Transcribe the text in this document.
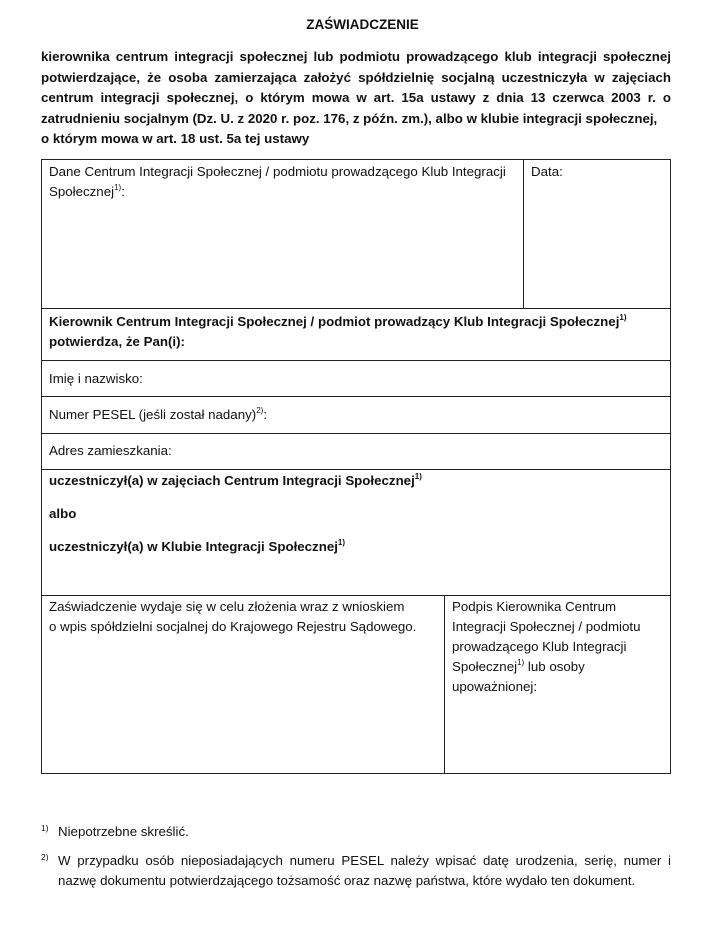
ZAŚWIADCZENIE
kierownika centrum integracji społecznej lub podmiotu prowadzącego klub integracji społecznej potwierdzające, że osoba zamierzająca założyć spółdzielnię socjalną uczestniczyła w zajęciach centrum integracji społecznej, o którym mowa w art. 15a ustawy z dnia 13 czerwca 2003 r. o zatrudnieniu socjalnym (Dz. U. z 2020 r. poz. 176, z późn. zm.), albo w klubie integracji społecznej,
o którym mowa w art. 18 ust. 5a tej ustawy
Dane Centrum Integracji Społecznej / podmiotu prowadzącego Klub Integracji Społecznej$^{1)}$:
Data:
Kierownik Centrum Integracji Społecznej / podmiot prowadzący Klub Integracji Społecznej$^{1)}$
potwierdza, że Pan(i):
Imię i nazwisko:
Numer PESEL (jeśli został nadany)$^{2)}$:
Adres zamieszkania:
uczestniczył(a) w zajęciach Centrum Integracji Społecznej$^{1)}$
albo
uczestniczył(a) w Klubie Integracji Społecznej$^{1)}$
Zaświadczenie wydaje się w celu złożenia wraz z wnioskiem
o wpis spółdzielni socjalnej do Krajowego Rejestru Sądowego.
Podpis Kierownika Centrum
Integracji Społecznej / podmiotu
prowadzącego Klub Integracji
Społecznej$^{1)}$ lub osoby
upoważnionej:
1) Niepotrzebne skreślić.
2) W przypadku osób nieposiadających numeru PESEL należy wpisać datę urodzenia, serię, numer i nazwę dokumentu potwierdzającego tożsamość oraz nazwę państwa, które wydało ten dokument.
